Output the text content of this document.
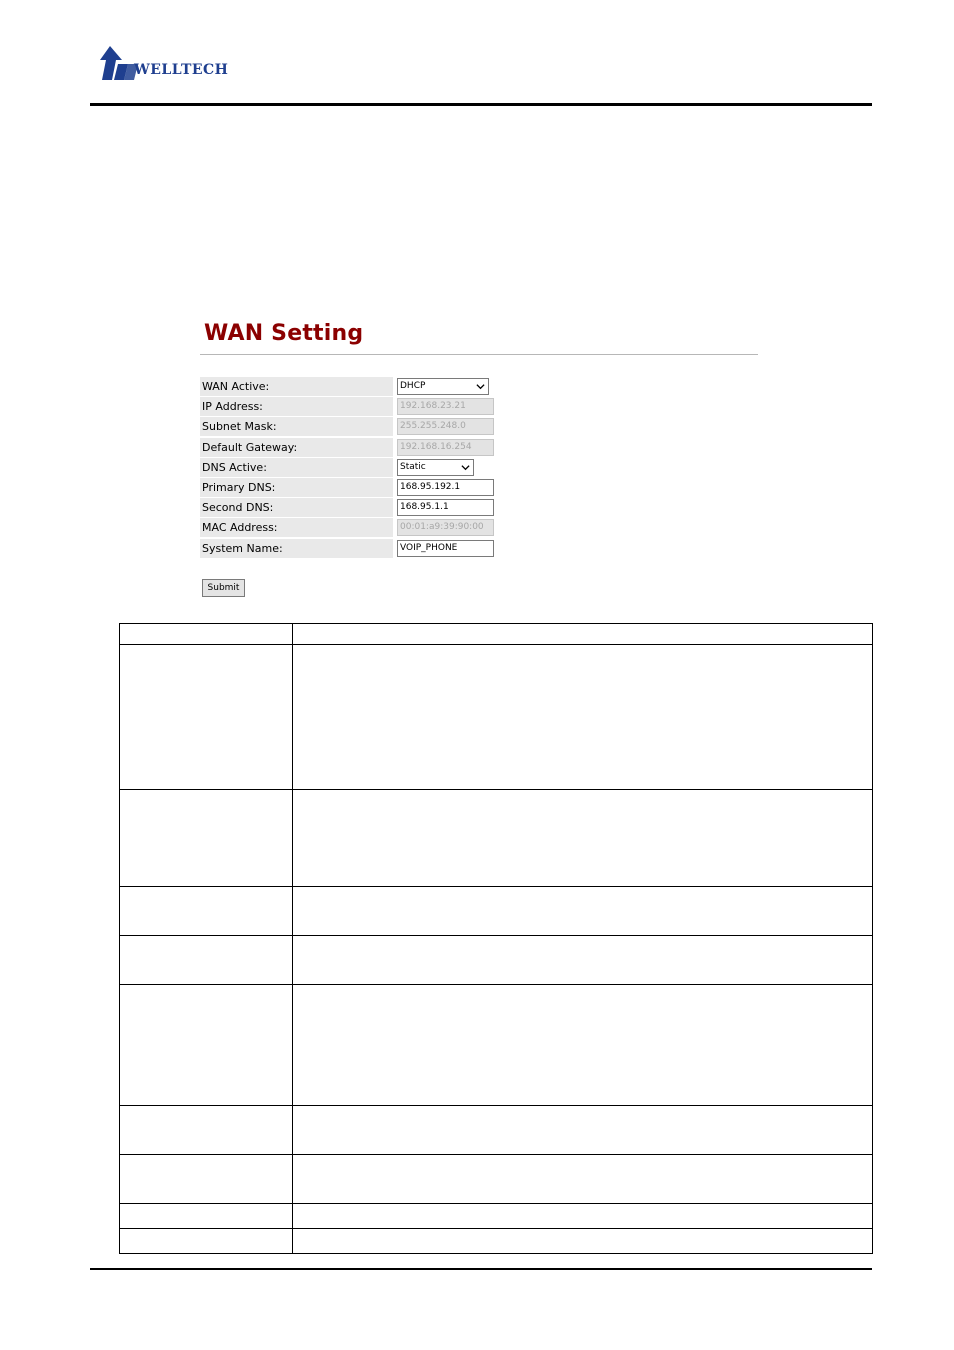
WELLTECH
WAN Setting
WAN Active:	DHCP
IP Address:	192.168.23.21
Subnet Mask:	255.255.248.0
Default Gateway:	192.168.16.254
DNS Active:	Static
Primary DNS:	168.95.192.1
Second DNS:	168.95.1.1
MAC Address:	00:01:a9:39:90:00
System Name:	VOIP_PHONE
Submit
